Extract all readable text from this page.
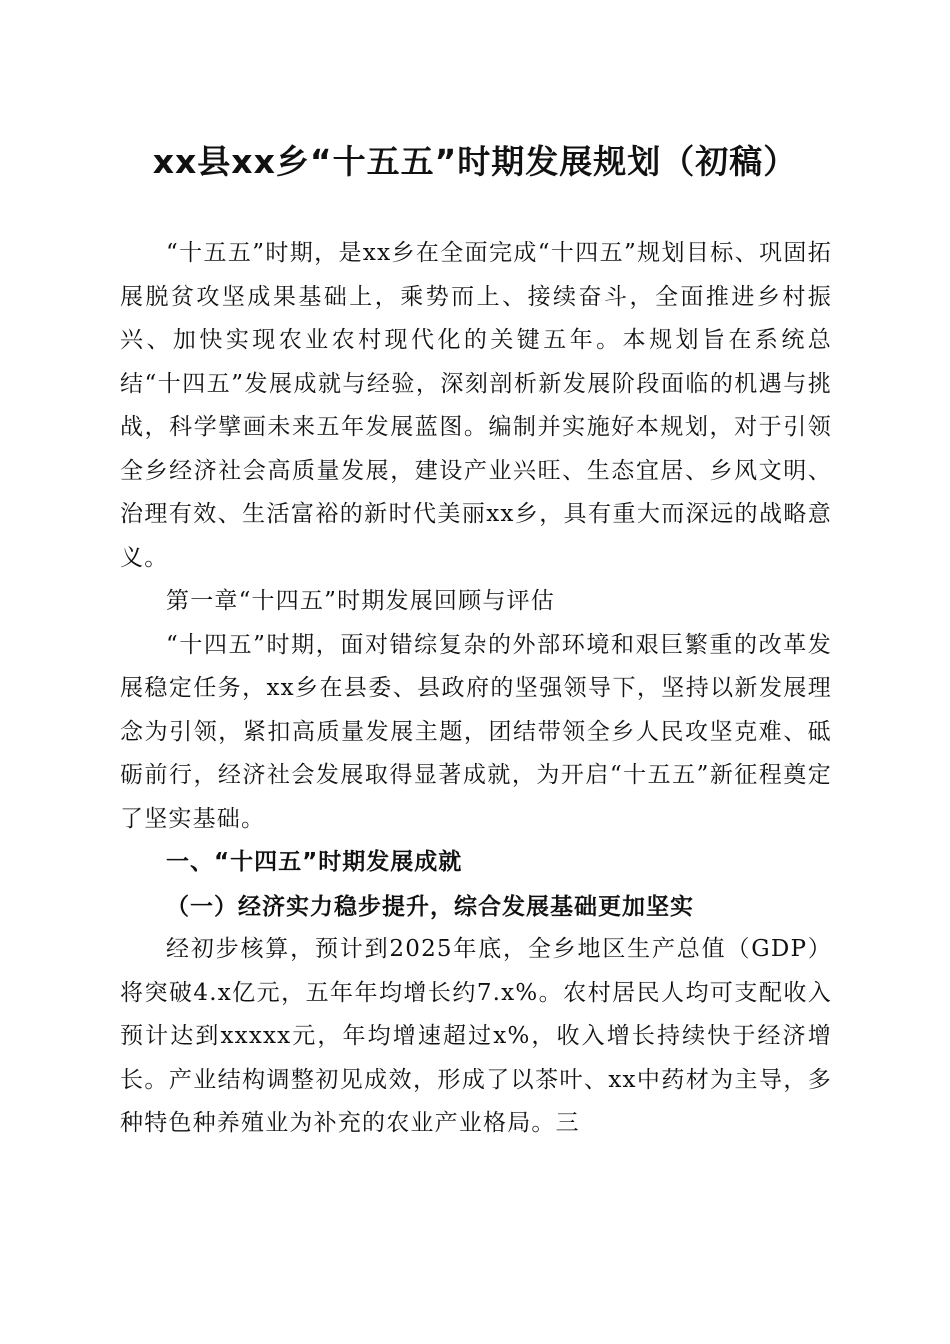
xx县xx乡“十五五”时期发展规划（初稿）

“十五五”时期，是xx乡在全面完成“十四五”规划目标、巩固拓展脱贫攻坚成果基础上，乘势而上、接续奋斗，全面推进乡村振兴、加快实现农业农村现代化的关键五年。本规划旨在系统总结“十四五”发展成就与经验，深刻剖析新发展阶段面临的机遇与挑战，科学擘画未来五年发展蓝图。编制并实施好本规划，对于引领全乡经济社会高质量发展，建设产业兴旺、生态宜居、乡风文明、治理有效、生活富裕的新时代美丽xx乡，具有重大而深远的战略意义。

第一章“十四五”时期发展回顾与评估

“十四五”时期，面对错综复杂的外部环境和艰巨繁重的改革发展稳定任务，xx乡在县委、县政府的坚强领导下，坚持以新发展理念为引领，紧扣高质量发展主题，团结带领全乡人民攻坚克难、砥砺前行，经济社会发展取得显著成就，为开启“十五五”新征程奠定了坚实基础。

一、“十四五”时期发展成就

（一）经济实力稳步提升，综合发展基础更加坚实

经初步核算，预计到2025年底，全乡地区生产总值（GDP）将突破4.x亿元，五年年均增长约7.x%。农村居民人均可支配收入预计达到xxxxx元，年均增速超过x%，收入增长持续快于经济增长。产业结构调整初见成效，形成了以茶叶、xx中药材为主导，多种特色种养殖业为补充的农业产业格局。三
